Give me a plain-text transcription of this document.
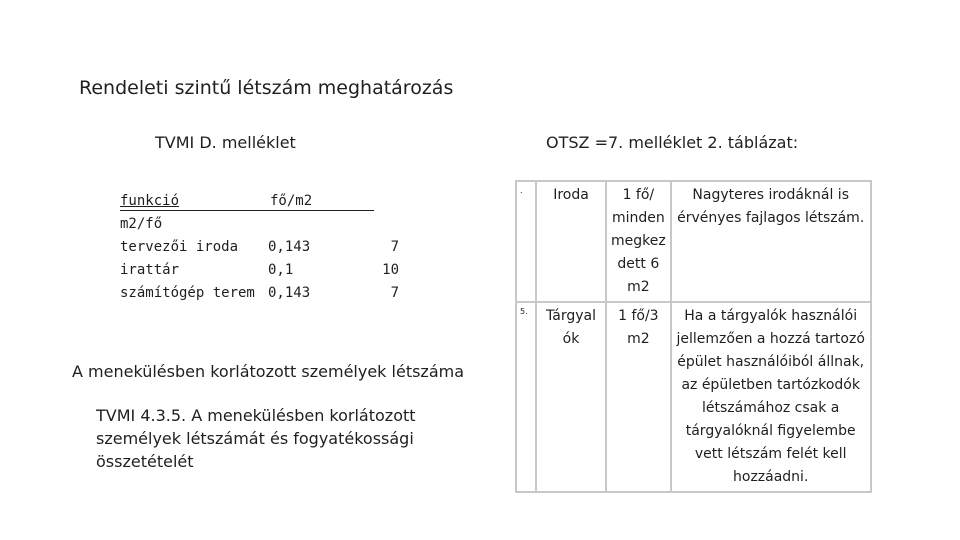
Rendeleti szintű létszám meghatározás
TVMI D. melléklet	OTSZ =7. melléklet 2. táblázat:
funkció	fő/m2
m2/fő
tervezői iroda 0,143	7
irattár	0,1	10
számítógép terem 0,143	7
A menekülésben korlátozott személyek létszáma
TVMI 4.3.5. A menekülésben korlátozott személyek létszámát és fogyatékossági összetételét
.	Iroda	1 fő/ minden megkez dett 6 m2	Nagyteres irodáknál is érvényes fajlagos létszám.
5.	Tárgyal ók	1 fő/3 m2	Ha a tárgyalók használói jellemzően a hozzá tartozó épület használóiból állnak, az épületben tartózkodók létszámához csak a tárgyalóknál figyelembe vett létszám felét kell hozzáadni.
